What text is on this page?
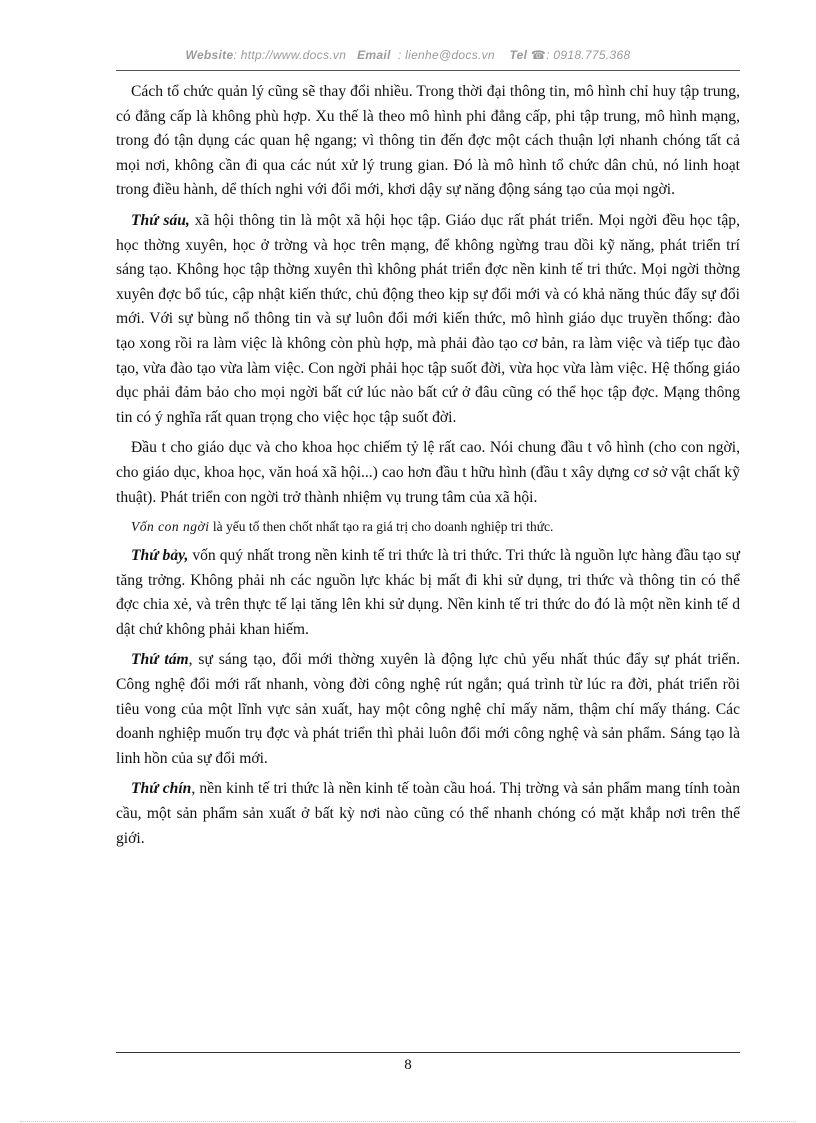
Website: http://www.docs.vn Email : lienhe@docs.vn Tel ☎: 0918.775.368

Cách tổ chức quản lý cũng sẽ thay đổi nhiều. Trong thời đại thông tin, mô hình chỉ huy tập trung, có đẳng cấp là không phù hợp. Xu thế là theo mô hình phi đẳng cấp, phi tập trung, mô hình mạng, trong đó tận dụng các quan hệ ngang; vì thông tin đến đợc một cách thuận lợi nhanh chóng tất cả mọi nơi, không cần đi qua các nút xử lý trung gian. Đó là mô hình tổ chức dân chủ, nó linh hoạt trong điều hành, dể thích nghi với đổi mới, khơi dậy sự năng động sáng tạo của mọi ngời.

Thứ sáu, xã hội thông tin là một xã hội học tập. Giáo dục rất phát triển. Mọi ngời đều học tập, học thờng xuyên, học ở trờng và học trên mạng, để không ngừng trau dồi kỹ năng, phát triển trí sáng tạo. Không học tập thờng xuyên thì không phát triển đợc nền kinh tế tri thức. Mọi ngời thờng xuyên đợc bổ túc, cập nhật kiến thức, chủ động theo kịp sự đổi mới và có khả năng thúc đẩy sự đổi mới. Với sự bùng nổ thông tin và sự luôn đổi mới kiến thức, mô hình giáo dục truyền thống: đào tạo xong rồi ra làm việc là không còn phù hợp, mà phải đào tạo cơ bản, ra làm việc và tiếp tục đào tạo, vừa đào tạo vừa làm việc. Con ngời phải học tập suốt đời, vừa học vừa làm việc. Hệ thống giáo dục phải đảm bảo cho mọi ngời bất cứ lúc nào bất cứ ở đâu cũng có thể học tập đợc. Mạng thông tin có ý nghĩa rất quan trọng cho việc học tập suốt đời.

Đầu t cho giáo dục và cho khoa học chiếm tỷ lệ rất cao. Nói chung đầu t vô hình (cho con ngời, cho giáo dục, khoa học, văn hoá xã hội...) cao hơn đầu t hữu hình (đầu t xây dựng cơ sở vật chất kỹ thuật). Phát triển con ngời trở thành nhiệm vụ trung tâm của xã hội.

Vốn con ngời là yếu tố then chốt nhất tạo ra giá trị cho doanh nghiệp tri thức.

Thứ bảy, vốn quý nhất trong nền kinh tế tri thức là tri thức. Tri thức là nguồn lực hàng đầu tạo sự tăng trởng. Không phải nh các nguồn lực khác bị mất đi khi sử dụng, tri thức và thông tin có thể đợc chia xẻ, và trên thực tế lại tăng lên khi sử dụng. Nền kinh tế tri thức do đó là một nền kinh tế d dật chứ không phải khan hiếm.

Thứ tám, sự sáng tạo, đổi mới thờng xuyên là động lực chủ yếu nhất thúc đẩy sự phát triển. Công nghệ đổi mới rất nhanh, vòng đời công nghệ rút ngắn; quá trình từ lúc ra đời, phát triển rồi tiêu vong của một lĩnh vực sản xuất, hay một công nghệ chỉ mấy năm, thậm chí mấy tháng. Các doanh nghiệp muốn trụ đợc và phát triển thì phải luôn đổi mới công nghệ và sản phẩm. Sáng tạo là linh hồn của sự đổi mới.

Thứ chín, nền kinh tế tri thức là nền kinh tế toàn cầu hoá. Thị trờng và sản phẩm mang tính toàn cầu, một sản phẩm sản xuất ở bất kỳ nơi nào cũng có thể nhanh chóng có mặt khắp nơi trên thế giới.

8
